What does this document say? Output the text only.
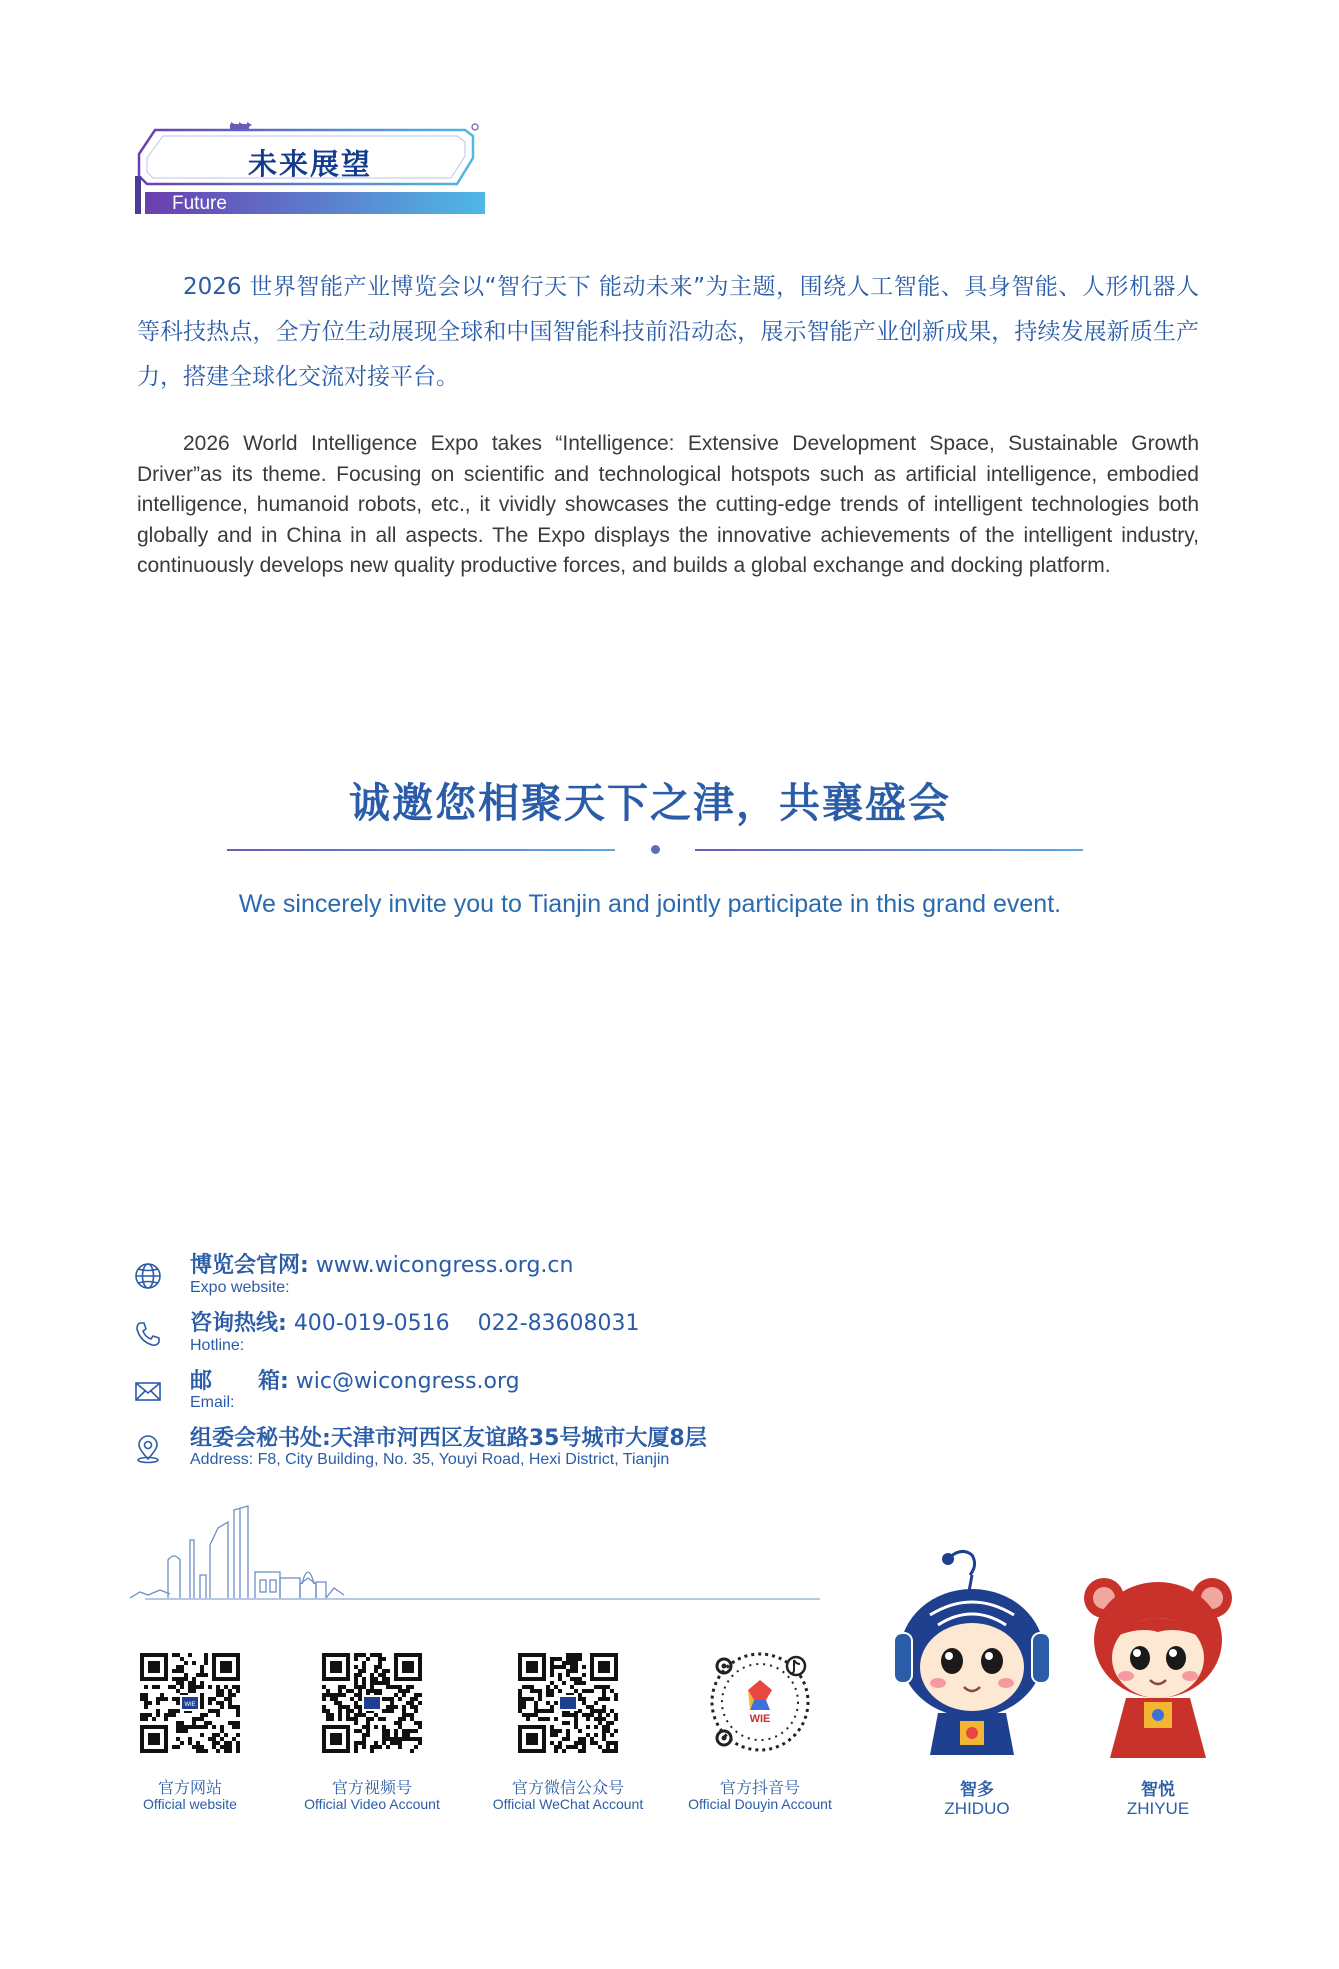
未来展望
Future
2026 世界智能产业博览会以“智行天下 能动未来”为主题，围绕人工智能、具身智能、人形机器人等科技热点，全方位生动展现全球和中国智能科技前沿动态，展示智能产业创新成果，持续发展新质生产力，搭建全球化交流对接平台。
2026 World Intelligence Expo takes “Intelligence: Extensive Development Space, Sustainable Growth Driver”as its theme. Focusing on scientific and technological hotspots such as artificial intelligence, embodied intelligence, humanoid robots, etc., it vividly showcases the cutting-edge trends of intelligent technologies both globally and in China in all aspects. The Expo displays the innovative achievements of the intelligent industry, continuously develops new quality productive forces, and builds a global exchange and docking platform.
诚邀您相聚天下之津，共襄盛会
We sincerely invite you to Tianjin and jointly participate in this grand event.
博览会官网: www.wicongress.org.cn
Expo website:
咨询热线: 400-019-0516    022-83608031
Hotline:
邮      箱: wic@wicongress.org
Email:
组委会秘书处:天津市河西区友谊路35号城市大厦8层
Address: F8, City Building, No. 35, Youyi Road, Hexi District, Tianjin
WIE
官方网站
Official website
官方视频号
Official Video Account
官方微信公众号
Official WeChat Account
WIE
官方抖音号
Official Douyin Account
智多
ZHIDUO
智悦
ZHIYUE
